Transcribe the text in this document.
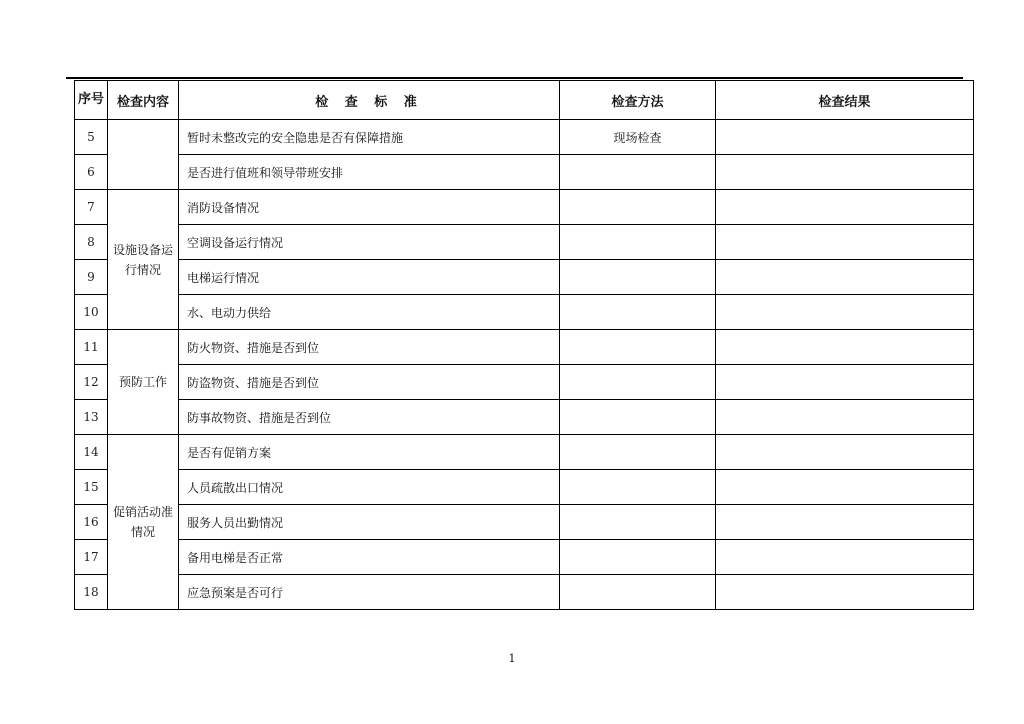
序号	检查内容	检 查 标 准	检查方法	检查结果
5		暂时未整改完的安全隐患是否有保障措施	现场检查	
6		是否进行值班和领导带班安排		
7	设施设备运行情况	消防设备情况		
8		空调设备运行情况		
9		电梯运行情况		
10		水、电动力供给		
11	预防工作	防火物资、措施是否到位		
12		防盗物资、措施是否到位		
13		防事故物资、措施是否到位		
14	促销活动准情况	是否有促销方案		
15		人员疏散出口情况		
16		服务人员出勤情况		
17		备用电梯是否正常		
18		应急预案是否可行		
1
